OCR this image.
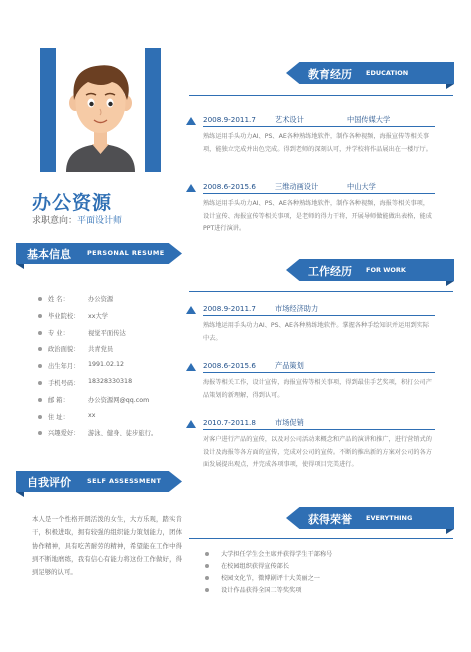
办公资源
求职意向：平面设计师
基本信息 PERSONAL RESUME
姓 名：	办公资源
毕业院校： xx大学
专 业：	视觉平面传达
政治面貌： 共青党员
出生年月： 1991.02.12
手机号码： 18328330318
邮 箱：	办公资源网@qq.com
住 址：	xx
兴趣爱好： 游泳、健身、徒步旅行。
自我评价 SELF ASSESSMENT
本人是一个性格开朗活泼的女生，大方乐观，踏实肯干，积极进取，拥有较强的组织能力策划能力，团体协作精神，具有吃苦耐劳的精神，希望能在工作中得到不断地磨练，我有信心有能力将这份工作做好，得到足够的认可。
教育经历 EDUCATION
2008.9-2011.7	艺术设计	中国传媒大学
熟练运用手头功力AI、PS、AE各种熟练地软件，制作各种视频，海报宣传等相关事项，能独立完成并出色完成。得到老师的深刻认可，并学校将作品展出在一楼厅厅。
2008.6-2015.6	三维动画设计	中山大学
熟练运用手头功力AI、PS、AE各种熟练地软件，制作各种视频，海报等相关事项，设计宣传、海报宣传等相关事项，是老师的得力干将，开展导师做能做出表格，能成PPT进行演讲。
工作经历 FOR WORK
2008.9-2011.7	市场经济助力
熟练地运用手头功力AI、PS、AE各种熟练地软件。掌握各种手绘知识并运用到实际中去。
2008.6-2015.6	产品策划
海报等相关工作，设计宣传，海报宣传等相关事项，得到最佳手艺奖项，积打公司产品策划的新理解，得到认可。
2010.7-2011.8	市场促销
对客户进行产品的宣传，以及对公司活动来概念和产品的演讲和推广，进行营销式的设计及海报等各方面的宣传，完成对公司的宣传。不断的推出新的方案对公司的各方面发展提出观点，并完成各项事项，使得项目完美进行。
获得荣誉 EVERYTHING
大学担任学生会主席并获得学生干部称号
在校园组织获得宣传部长
校园文化节，微博剧评十大美丽之一
设计作品获得全国二等奖奖项
